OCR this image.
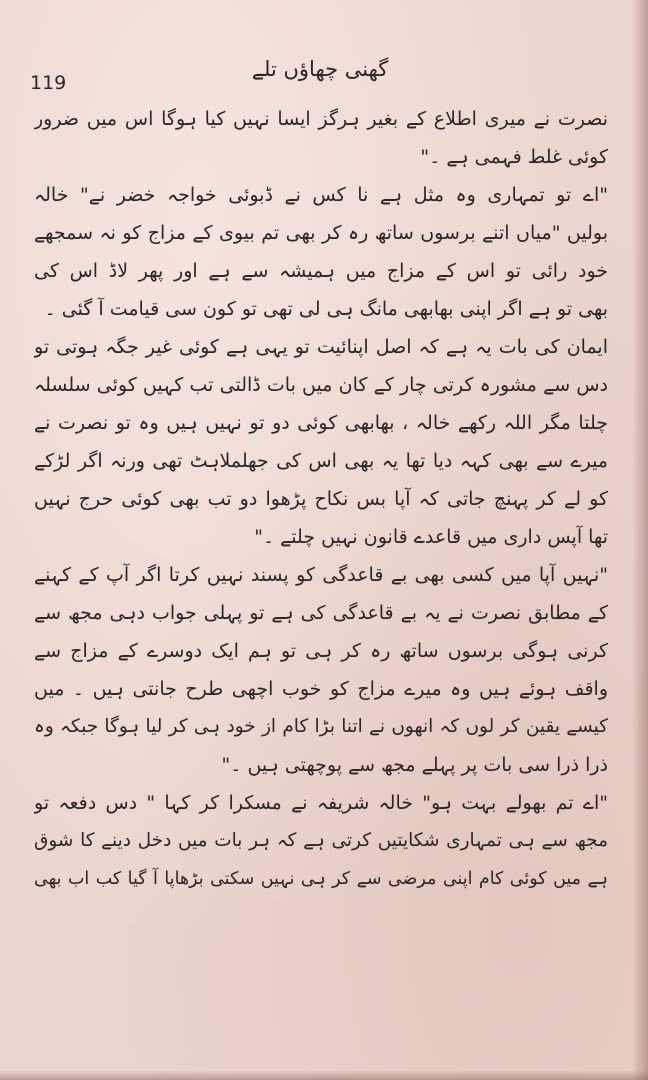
گھنی چھاؤں تلے
119
نصرت نے میری اطلاع کے بغیر ہرگز ایسا نہیں کیا ہوگا اس میں ضرور
کوئی غلط فہمی ہے ۔"
"اے تو تمہاری وہ مثل ہے نا کس نے ڈبوئی خواجہ خضر نے" خالہ
بولیں "میاں اتنے برسوں ساتھ رہ کر بھی تم بیوی کے مزاج کو نہ سمجھے
خود رائی تو اس کے مزاج میں ہمیشہ سے ہے اور پھر لاڈ اس کی
بھی تو ہے اگر اپنی بھابھی مانگ ہی لی تھی تو کون سی قیامت آ گئی ۔
ایمان کی بات یہ ہے کہ اصل اپنائیت تو یہی ہے کوئی غیر جگہ ہوتی تو
دس سے مشورہ کرتی چار کے کان میں بات ڈالتی تب کہیں کوئی سلسلہ
چلتا مگر اللہ رکھے خالہ ، بھابھی کوئی دو تو نہیں ہیں وہ تو نصرت نے
میرے سے بھی کہہ دیا تھا یہ بھی اس کی جھلملاہٹ تھی ورنہ اگر لڑکے
کو لے کر پہنچ جاتی کہ آپا بس نکاح پڑھوا دو تب بھی کوئی حرج نہیں
تھا آپس داری میں قاعدے قانون نہیں چلتے ۔"
"نہیں آپا میں کسی بھی بے قاعدگی کو پسند نہیں کرتا اگر آپ کے کہنے
کے مطابق نصرت نے یہ بے قاعدگی کی ہے تو پہلی جواب دہی مجھ سے
کرنی ہوگی برسوں ساتھ رہ کر ہی تو ہم ایک دوسرے کے مزاج سے
واقف ہوئے ہیں وہ میرے مزاج کو خوب اچھی طرح جانتی ہیں ۔ میں
کیسے یقین کر لوں کہ انھوں نے اتنا بڑا کام از خود ہی کر لیا ہوگا جبکہ وہ
ذرا ذرا سی بات پر پہلے مجھ سے پوچھتی ہیں ۔"
"اے تم بھولے بہت ہو" خالہ شریفہ نے مسکرا کر کہا " دس دفعہ تو
مجھ سے ہی تمہاری شکایتیں کرتی ہے کہ ہر بات میں دخل دینے کا شوق
ہے میں کوئی کام اپنی مرضی سے کر ہی نہیں سکتی بڑھاپا آ گیا کب اب بھی
